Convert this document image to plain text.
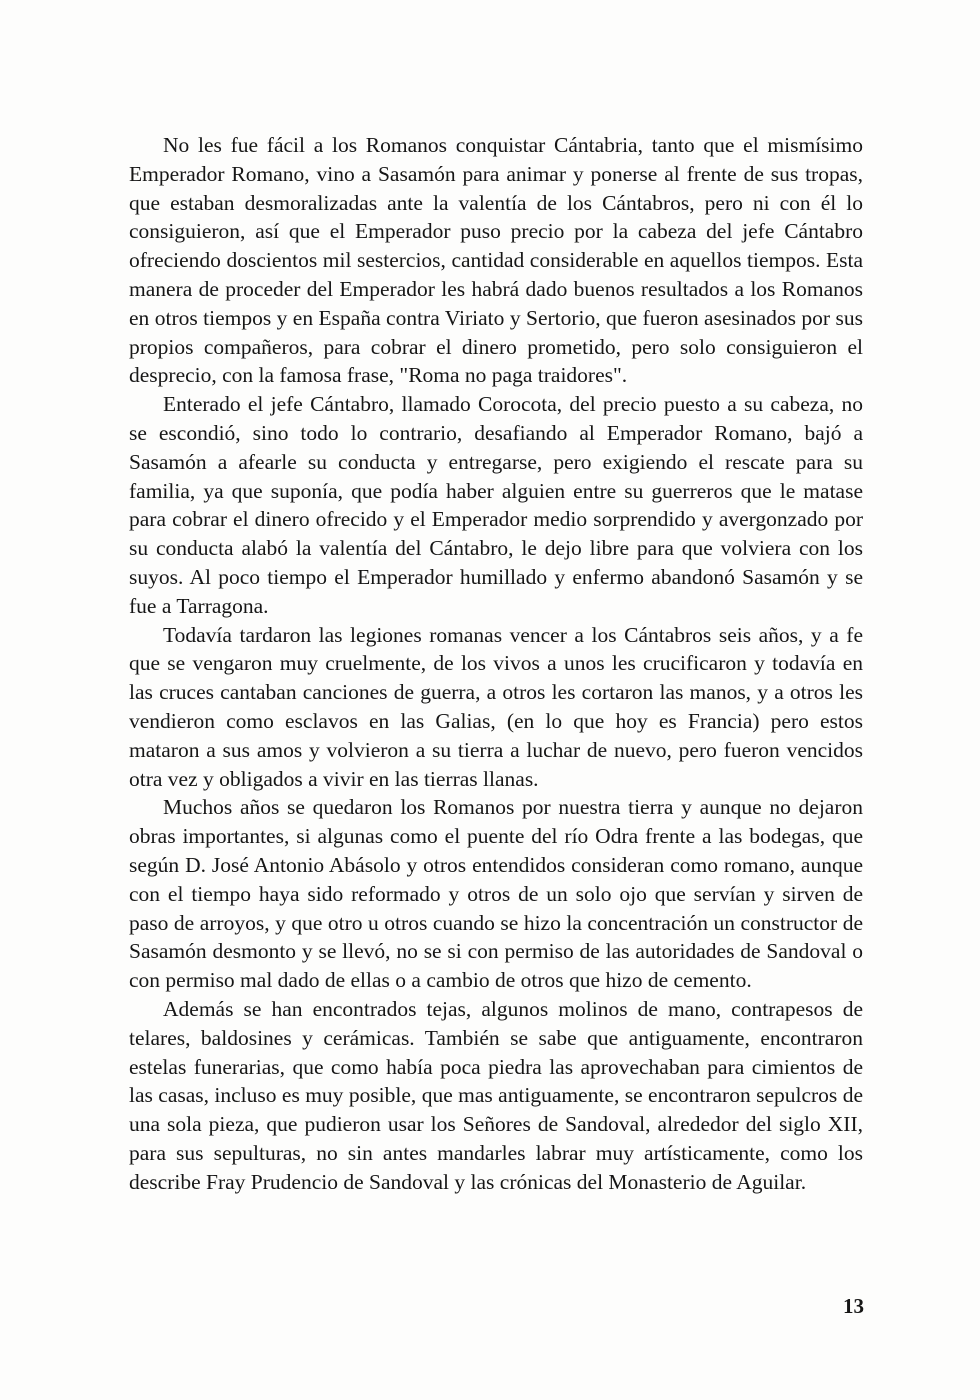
No les fue fácil a los Romanos conquistar Cántabria, tanto que el mismísimo Emperador Romano, vino a Sasamón para animar y ponerse al frente de sus tropas, que estaban desmoralizadas ante la valentía de los Cántabros, pero ni con él lo consiguieron, así que el Emperador puso precio por la cabeza del jefe Cántabro ofreciendo doscientos mil sestercios, cantidad considerable en aquellos tiempos. Esta manera de proceder del Emperador les habrá dado buenos resultados a los Romanos en otros tiempos y en España contra Viriato y Sertorio, que fueron asesinados por sus propios compañeros, para cobrar el dinero prometido, pero solo consiguieron el desprecio, con la famosa frase, "Roma no paga traidores".

Enterado el jefe Cántabro, llamado Corocota, del precio puesto a su cabeza, no se escondió, sino todo lo contrario, desafiando al Emperador Romano, bajó a Sasamón a afearle su conducta y entregarse, pero exigiendo el rescate para su familia, ya que suponía, que podía haber alguien entre su guerreros que le matase para cobrar el dinero ofrecido y el Emperador medio sorprendido y avergonzado por su conducta alabó la valentía del Cántabro, le dejo libre para que volviera con los suyos. Al poco tiempo el Emperador humillado y enfermo abandonó Sasamón y se fue a Tarragona.

Todavía tardaron las legiones romanas vencer a los Cántabros seis años, y a fe que se vengaron muy cruelmente, de los vivos a unos les crucificaron y todavía en las cruces cantaban canciones de guerra, a otros les cortaron las manos, y a otros les vendieron como esclavos en las Galias, (en lo que hoy es Francia) pero estos mataron a sus amos y volvieron a su tierra a luchar de nuevo, pero fueron vencidos otra vez y obligados a vivir en las tierras llanas.

Muchos años se quedaron los Romanos por nuestra tierra y aunque no dejaron obras importantes, si algunas como el puente del río Odra frente a las bodegas, que según D. José Antonio Abásolo y otros entendidos consideran como romano, aunque con el tiempo haya sido reformado y otros de un solo ojo que servían y sirven de paso de arroyos, y que otro u otros cuando se hizo la concentración un constructor de Sasamón desmonto y se llevó, no se si con permiso de las autoridades de Sandoval o con permiso mal dado de ellas o a cambio de otros que hizo de cemento.

Además se han encontrados tejas, algunos molinos de mano, contrapesos de telares, baldosines y cerámicas. También se sabe que antiguamente, encontraron estelas funerarias, que como había poca piedra las aprovechaban para cimientos de las casas, incluso es muy posible, que mas antiguamente, se encontraron sepulcros de una sola pieza, que pudieron usar los Señores de Sandoval, alrededor del siglo XII, para sus sepulturas, no sin antes mandarles labrar muy artísticamente, como los describe Fray Prudencio de Sandoval y las crónicas del Monasterio de Aguilar.

13
